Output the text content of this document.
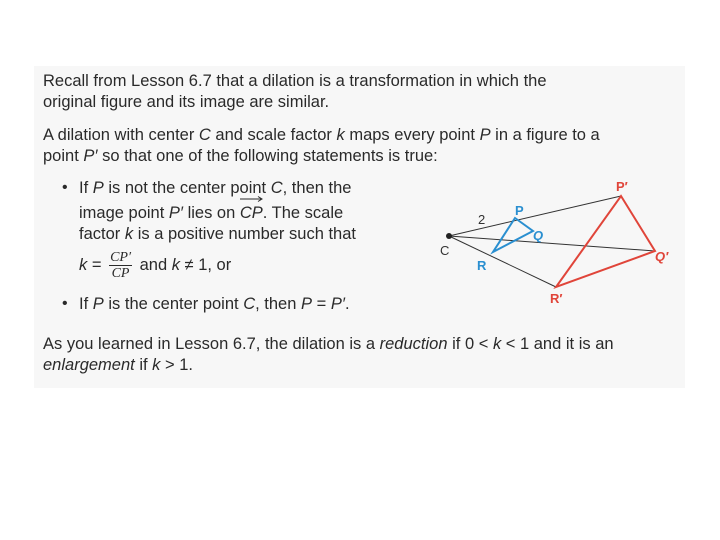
Recall from Lesson 6.7 that a dilation is a transformation in which the
original figure and its image are similar.
A dilation with center C and scale factor k maps every point P in a figure to a
point P′ so that one of the following statements is true:
• If P is not the center point C, then the
image point P′ lies on
CP. The scale
factor k is a positive number such that
$k = \frac{CP'}{CP}$ and k ≠ 1, or
• If P is the center point C, then P = P′.
As you learned in Lesson 6.7, the dilation is a reduction if 0 < k < 1 and it is an
enlargement if k > 1.
C
2
P
Q
R
P′
Q′
R′
